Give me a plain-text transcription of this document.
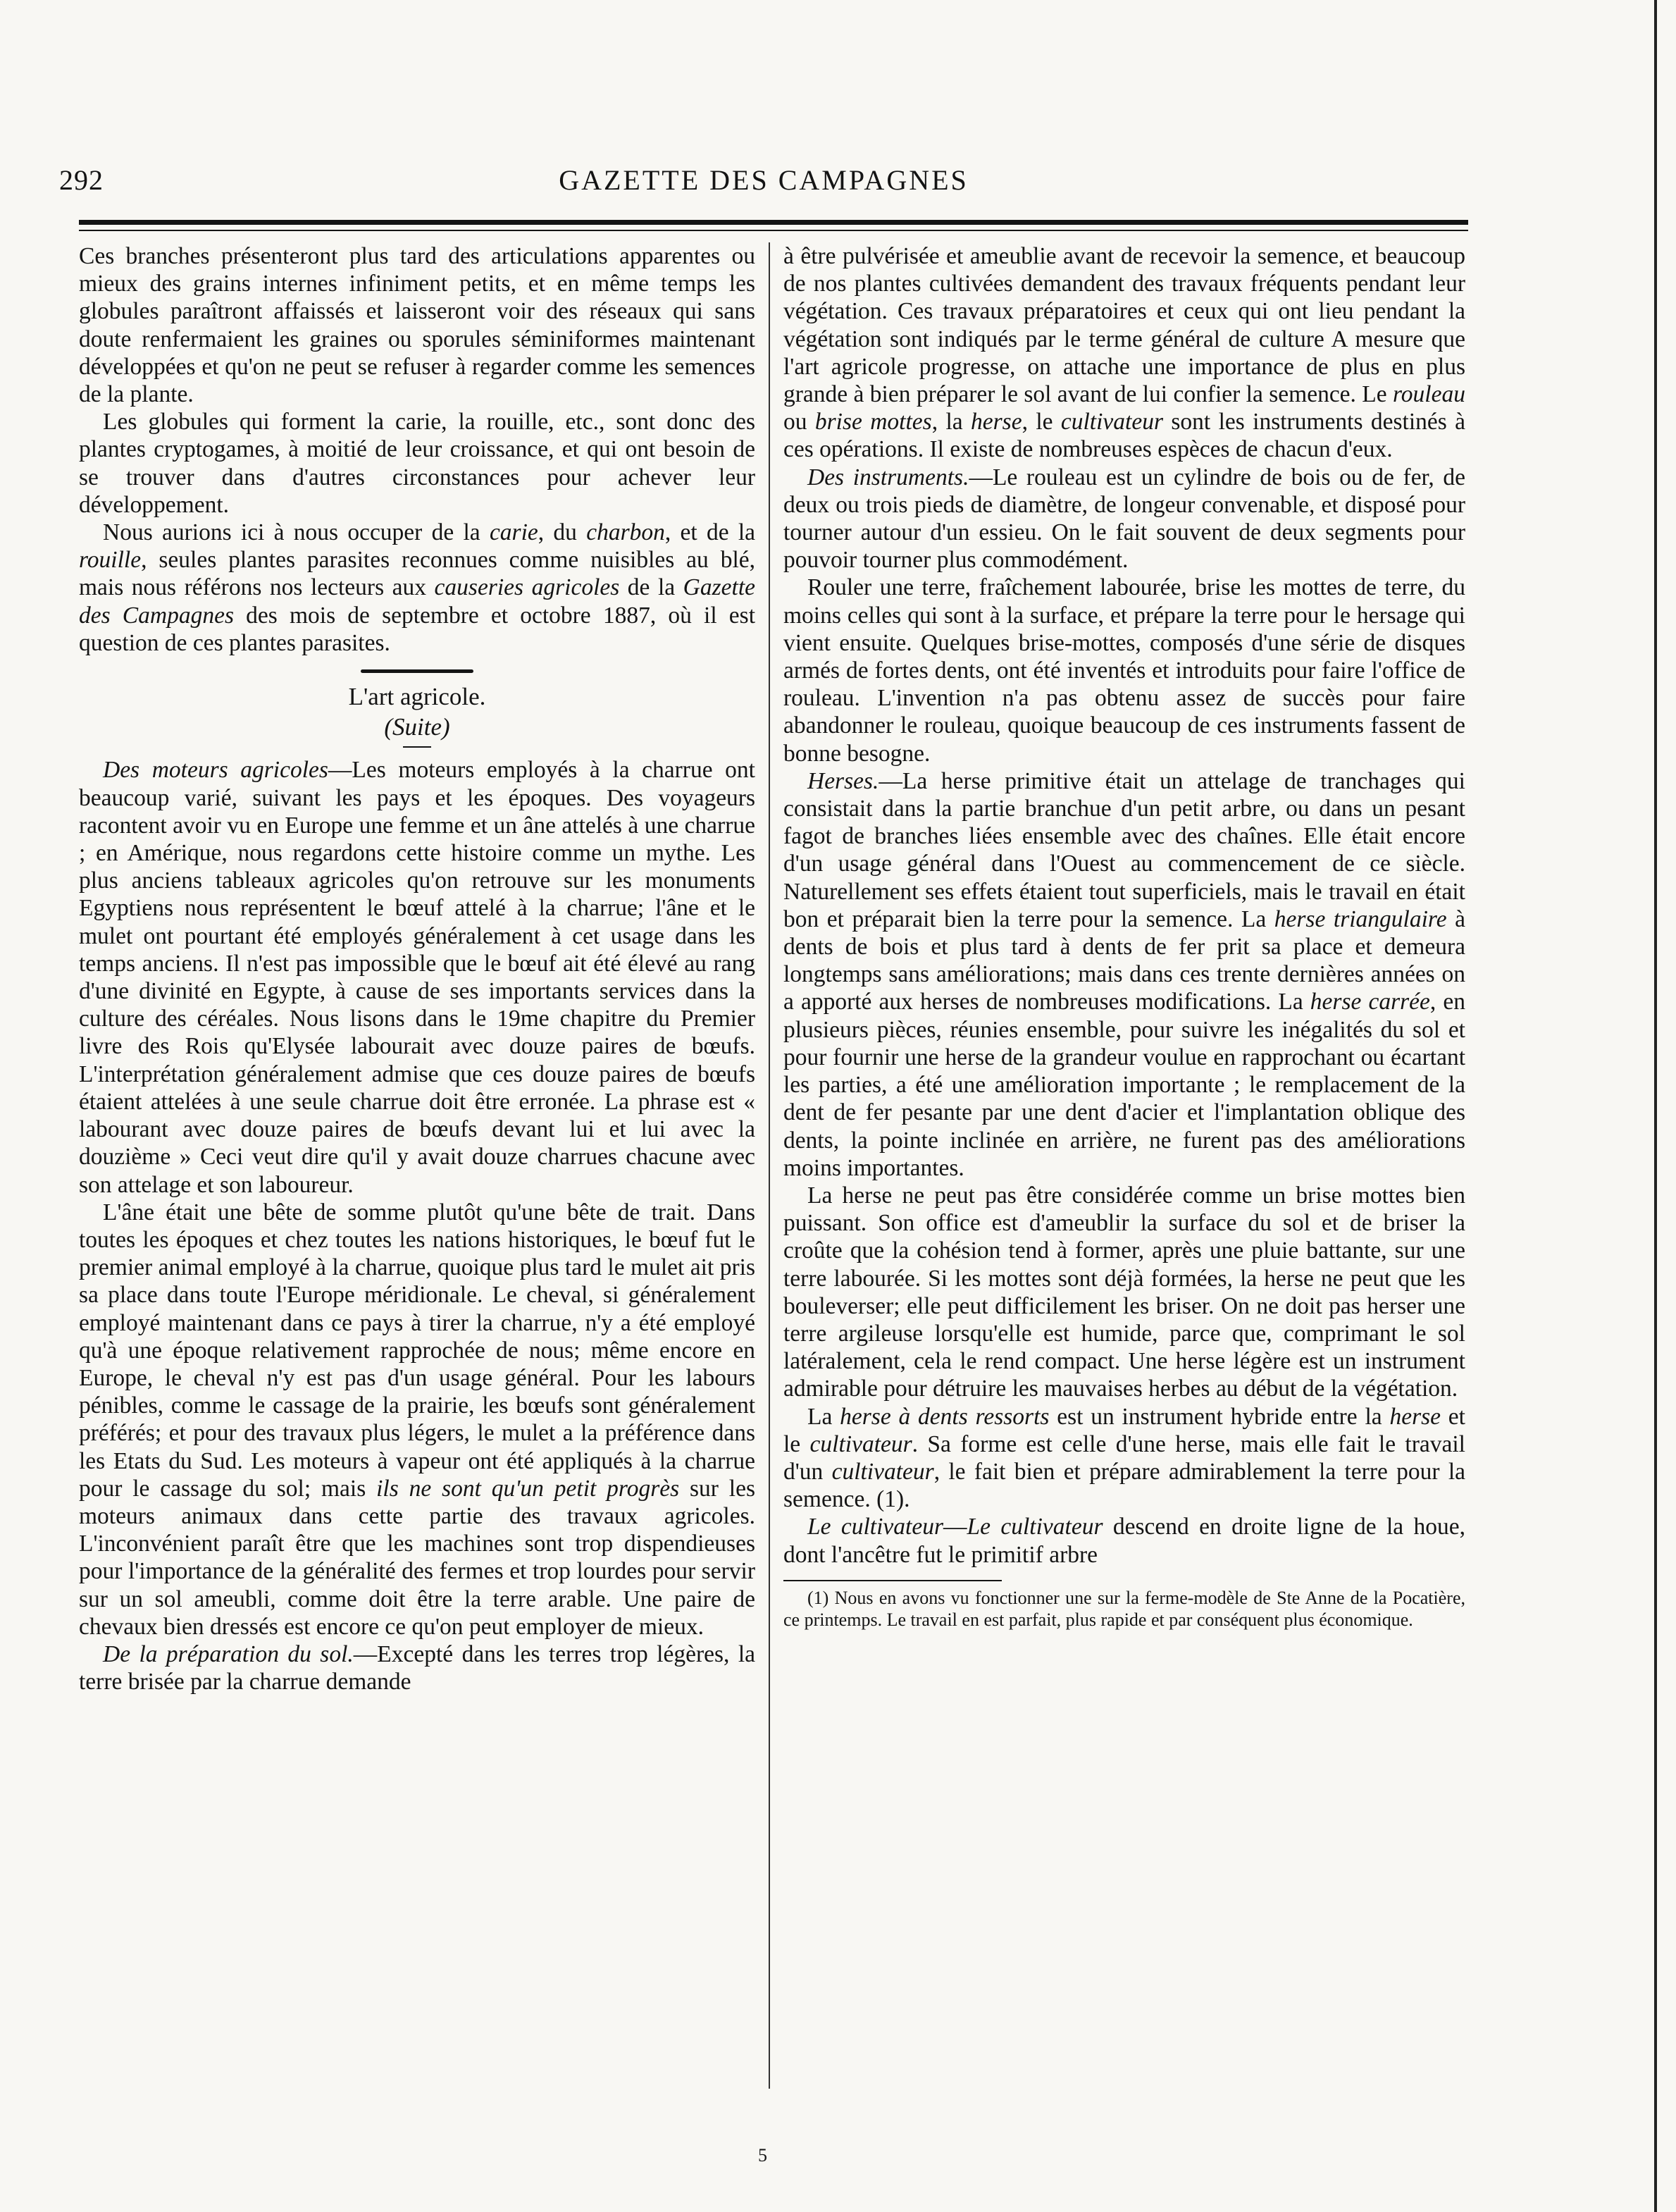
292	GAZETTE DES CAMPAGNES

Ces branches présenteront plus tard des articulations apparentes ou mieux des grains internes infiniment petits, et en même temps les globules paraîtront affaissés et laisseront voir des réseaux qui sans doute renfermaient les graines ou sporules séminiformes maintenant développées et qu'on ne peut se refuser à regarder comme les semences de la plante.

Les globules qui forment la carie, la rouille, etc., sont donc des plantes cryptogames, à moitié de leur croissance, et qui ont besoin de se trouver dans d'autres circonstances pour achever leur développement.

Nous aurions ici à nous occuper de la carie, du charbon, et de la rouille, seules plantes parasites reconnues comme nuisibles au blé, mais nous référons nos lecteurs aux causeries agricoles de la Gazette des Campagnes des mois de septembre et octobre 1887, où il est question de ces plantes parasites.

L'art agricole.
(Suite)

Des moteurs agricoles—Les moteurs employés à la charrue ont beaucoup varié, suivant les pays et les époques. Des voyageurs racontent avoir vu en Europe une femme et un âne attelés à une charrue ; en Amérique, nous regardons cette histoire comme un mythe. Les plus anciens tableaux agricoles qu'on retrouve sur les monuments Egyptiens nous représentent le bœuf attelé à la charrue; l'âne et le mulet ont pourtant été employés généralement à cet usage dans les temps anciens. Il n'est pas impossible que le bœuf ait été élevé au rang d'une divinité en Egypte, à cause de ses importants services dans la culture des céréales. Nous lisons dans le 19me chapitre du Premier livre des Rois qu'Elysée labourait avec douze paires de bœufs. L'interprétation généralement admise que ces douze paires de bœufs étaient attelées à une seule charrue doit être erronée. La phrase est « labourant avec douze paires de bœufs devant lui et lui avec la douzième » Ceci veut dire qu'il y avait douze charrues chacune avec son attelage et son laboureur.

L'âne était une bête de somme plutôt qu'une bête de trait. Dans toutes les époques et chez toutes les nations historiques, le bœuf fut le premier animal employé à la charrue, quoique plus tard le mulet ait pris sa place dans toute l'Europe méridionale. Le cheval, si généralement employé maintenant dans ce pays à tirer la charrue, n'y a été employé qu'à une époque relativement rapprochée de nous; même encore en Europe, le cheval n'y est pas d'un usage général. Pour les labours pénibles, comme le cassage de la prairie, les bœufs sont généralement préférés; et pour des travaux plus légers, le mulet a la préférence dans les Etats du Sud. Les moteurs à vapeur ont été appliqués à la charrue pour le cassage du sol; mais ils ne sont qu'un petit progrès sur les moteurs animaux dans cette partie des travaux agricoles. L'inconvénient paraît être que les machines sont trop dispendieuses pour l'importance de la généralité des fermes et trop lourdes pour servir sur un sol ameubli, comme doit être la terre arable. Une paire de chevaux bien dressés est encore ce qu'on peut employer de mieux.

De la préparation du sol.—Excepté dans les terres trop légères, la terre brisée par la charrue demande

à être pulvérisée et ameublie avant de recevoir la semence, et beaucoup de nos plantes cultivées demandent des travaux fréquents pendant leur végétation. Ces travaux préparatoires et ceux qui ont lieu pendant la végétation sont indiqués par le terme général de culture A mesure que l'art agricole progresse, on attache une importance de plus en plus grande à bien préparer le sol avant de lui confier la semence. Le rouleau ou brise mottes, la herse, le cultivateur sont les instruments destinés à ces opérations. Il existe de nombreuses espèces de chacun d'eux.

Des instruments.—Le rouleau est un cylindre de bois ou de fer, de deux ou trois pieds de diamètre, de longeur convenable, et disposé pour tourner autour d'un essieu. On le fait souvent de deux segments pour pouvoir tourner plus commodément.

Rouler une terre, fraîchement labourée, brise les mottes de terre, du moins celles qui sont à la surface, et prépare la terre pour le hersage qui vient ensuite. Quelques brise-mottes, composés d'une série de disques armés de fortes dents, ont été inventés et introduits pour faire l'office de rouleau. L'invention n'a pas obtenu assez de succès pour faire abandonner le rouleau, quoique beaucoup de ces instruments fassent de bonne besogne.

Herses.—La herse primitive était un attelage de tranchages qui consistait dans la partie branchue d'un petit arbre, ou dans un pesant fagot de branches liées ensemble avec des chaînes. Elle était encore d'un usage général dans l'Ouest au commencement de ce siècle. Naturellement ses effets étaient tout superficiels, mais le travail en était bon et préparait bien la terre pour la semence. La herse triangulaire à dents de bois et plus tard à dents de fer prit sa place et demeura longtemps sans améliorations; mais dans ces trente dernières années on a apporté aux herses de nombreuses modifications. La herse carrée, en plusieurs pièces, réunies ensemble, pour suivre les inégalités du sol et pour fournir une herse de la grandeur voulue en rapprochant ou écartant les parties, a été une amélioration importante ; le remplacement de la dent de fer pesante par une dent d'acier et l'implantation oblique des dents, la pointe inclinée en arrière, ne furent pas des améliorations moins importantes.

La herse ne peut pas être considérée comme un brise mottes bien puissant. Son office est d'ameublir la surface du sol et de briser la croûte que la cohésion tend à former, après une pluie battante, sur une terre labourée. Si les mottes sont déjà formées, la herse ne peut que les bouleverser; elle peut difficilement les briser. On ne doit pas herser une terre argileuse lorsqu'elle est humide, parce que, comprimant le sol latéralement, cela le rend compact. Une herse légère est un instrument admirable pour détruire les mauvaises herbes au début de la végétation.

La herse à dents ressorts est un instrument hybride entre la herse et le cultivateur. Sa forme est celle d'une herse, mais elle fait le travail d'un cultivateur, le fait bien et prépare admirablement la terre pour la semence. (1).

Le cultivateur—Le cultivateur descend en droite ligne de la houe, dont l'ancêtre fut le primitif arbre

(1) Nous en avons vu fonctionner une sur la ferme-modèle de Ste Anne de la Pocatière, ce printemps. Le travail en est parfait, plus rapide et par conséquent plus économique.

5
